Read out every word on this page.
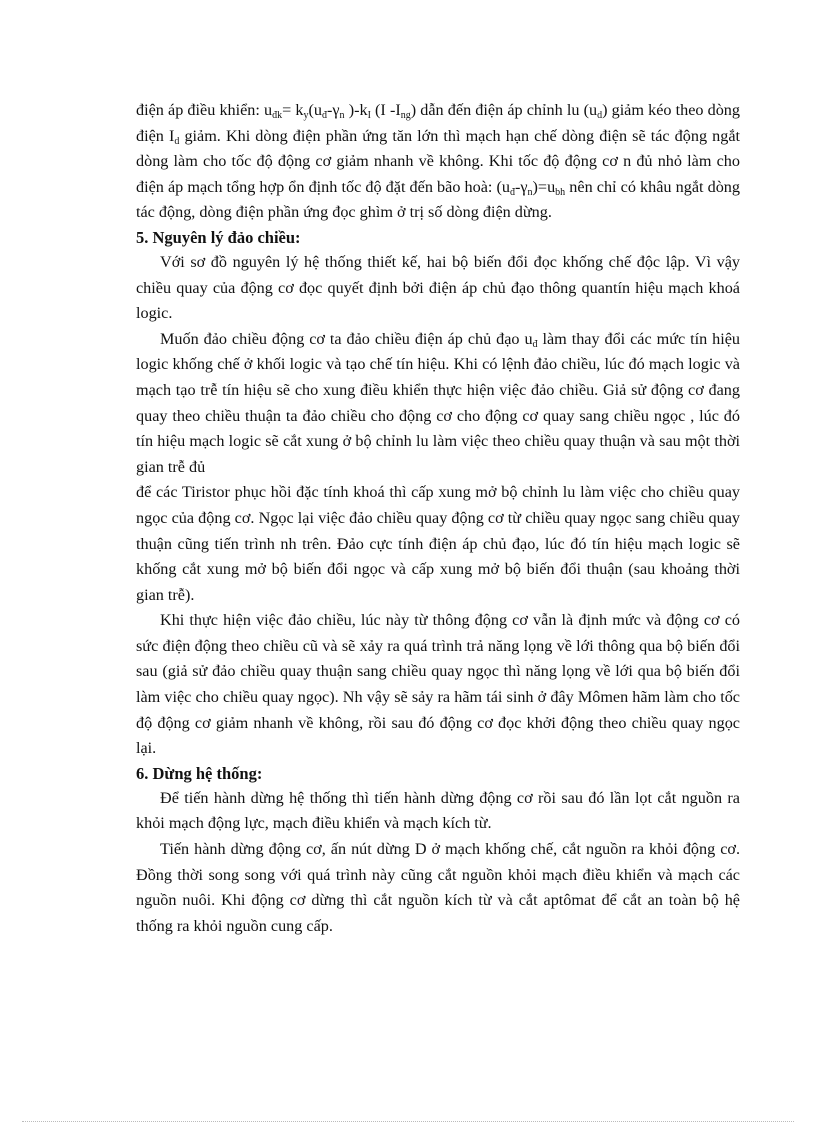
điện áp điều khiển: $u_{đk}= k_y(u_đ-\gamma_n$ )$-k_I$ (I $-I_{ng}$) dẫn đến điện áp chỉnh lu $(u_d)$ giảm kéo theo dòng điện $I_d$ giảm. Khi dòng điện phần ứng tăn lớn thì mạch hạn chế dòng điện sẽ tác động ngắt dòng làm cho tốc độ động cơ giảm nhanh về không. Khi tốc độ động cơ n đủ nhỏ làm cho điện áp mạch tổng hợp ổn định tốc độ đặt đến bão hoà: $(u_đ-\gamma_n)=u_{bh}$ nên chỉ có khâu ngắt dòng tác động, dòng điện phần ứng đọc ghìm ở trị số dòng điện dừng.

5. Nguyên lý đảo chiều:

Với sơ đồ nguyên lý hệ thống thiết kế, hai bộ biến đổi đọc khống chế độc lập. Vì vậy chiều quay của động cơ đọc quyết định bởi điện áp chủ đạo thông quantín hiệu mạch khoá logic.

Muốn đảo chiều động cơ ta đảo chiều điện áp chủ đạo $u_đ$ làm thay đổi các mức tín hiệu logic khống chế ở khối logic và tạo chế tín hiệu. Khi có lệnh đảo chiều, lúc đó mạch logic và mạch tạo trễ tín hiệu sẽ cho xung điều khiển thực hiện việc đảo chiều. Giả sử động cơ đang quay theo chiều thuận ta đảo chiều cho động cơ cho động cơ quay sang chiều ngọc , lúc đó tín hiệu mạch logic sẽ cắt xung ở bộ chỉnh lu làm việc theo chiều quay thuận và sau một thời gian trễ đủ

để các Tiristor phục hồi đặc tính khoá thì cấp xung mở bộ chỉnh lu làm việc cho chiều quay ngọc của động cơ. Ngọc lại việc đảo chiều quay động cơ từ chiều quay ngọc sang chiều quay thuận cũng tiến trình nh trên. Đảo cực tính điện áp chủ đạo, lúc đó tín hiệu mạch logic sẽ khống cắt xung mở bộ biến đổi ngọc và cấp xung mở bộ biến đổi thuận (sau khoảng thời gian trễ).

Khi thực hiện việc đảo chiều, lúc này từ thông động cơ vẫn là định mức và động cơ có sức điện động theo chiều cũ và sẽ xảy ra quá trình trả năng lọng về lới thông qua bộ biến đổi sau (giả sử đảo chiều quay thuận sang chiều quay ngọc thì năng lọng về lới qua bộ biến đổi làm việc cho chiều quay ngọc). Nh vậy sẽ sảy ra hãm tái sinh ở đây Mômen hãm làm cho tốc độ động cơ giảm nhanh về không, rồi sau đó động cơ đọc khởi động theo chiều quay ngọc lại.

6. Dừng hệ thống:

Để tiến hành dừng hệ thống thì tiến hành dừng động cơ rồi sau đó lần lọt cắt nguồn ra khỏi mạch động lực, mạch điều khiển và mạch kích từ.

Tiến hành dừng động cơ, ấn nút dừng D ở mạch khống chế, cắt nguồn ra khỏi động cơ. Đồng thời song song với quá trình này cũng cắt nguồn khỏi mạch điều khiển và mạch các nguồn nuôi. Khi động cơ dừng thì cắt nguồn kích từ và cắt aptômat để cắt an toàn bộ hệ thống ra khỏi nguồn cung cấp.
